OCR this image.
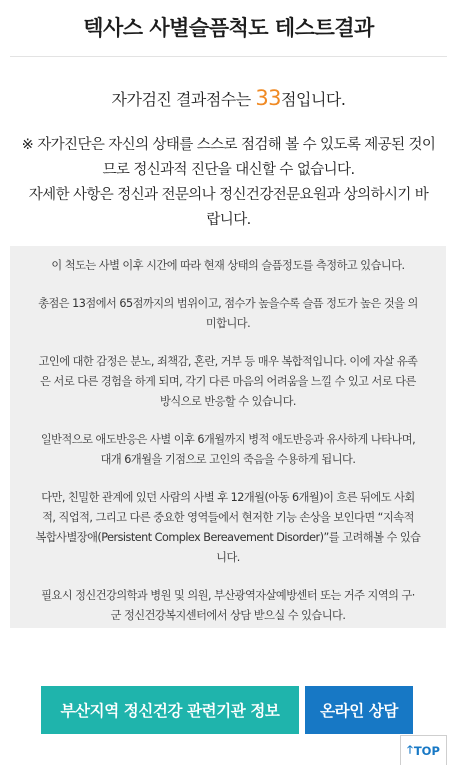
텍사스 사별슬픔척도 테스트결과
자가검진 결과점수는 33점입니다.

※ 자가진단은 자신의 상태를 스스로 점검해 볼 수 있도록 제공된 것이

므로 정신과적 진단을 대신할 수 없습니다.

자세한 사항은 정신과 전문의나 정신건강전문요원과 상의하시기 바

랍니다.

이 척도는 사별 이후 시간에 따라 현재 상태의 슬픔정도를 측정하고 있습니다.

총점은 13점에서 65점까지의 범위이고, 점수가 높을수록 슬픔 정도가 높은 것을 의
미합니다.

고인에 대한 감정은 분노, 죄책감, 혼란, 거부 등 매우 복합적입니다. 이에 자살 유족
은 서로 다른 경험을 하게 되며, 각기 다른 마음의 어려움을 느낄 수 있고 서로 다른
방식으로 반응할 수 있습니다.

일반적으로 애도반응은 사별 이후 6개월까지 병적 애도반응과 유사하게 나타나며,
대개 6개월을 기점으로 고인의 죽음을 수용하게 됩니다.

다만, 친밀한 관계에 있던 사람의 사별 후 12개월(아동 6개월)이 흐른 뒤에도 사회
적, 직업적, 그리고 다른 중요한 영역들에서 현저한 기능 손상을 보인다면 “지속적
복합사별장애(Persistent Complex Bereavement Disorder)”를 고려해볼 수 있습
니다.

필요시 정신건강의학과 병원 및 의원, 부산광역자살예방센터 또는 거주 지역의 구·
군 정신건강복지센터에서 상담 받으실 수 있습니다.

부산지역 정신건강 관련기관 정보	온라인 상담
🡑 TOP
